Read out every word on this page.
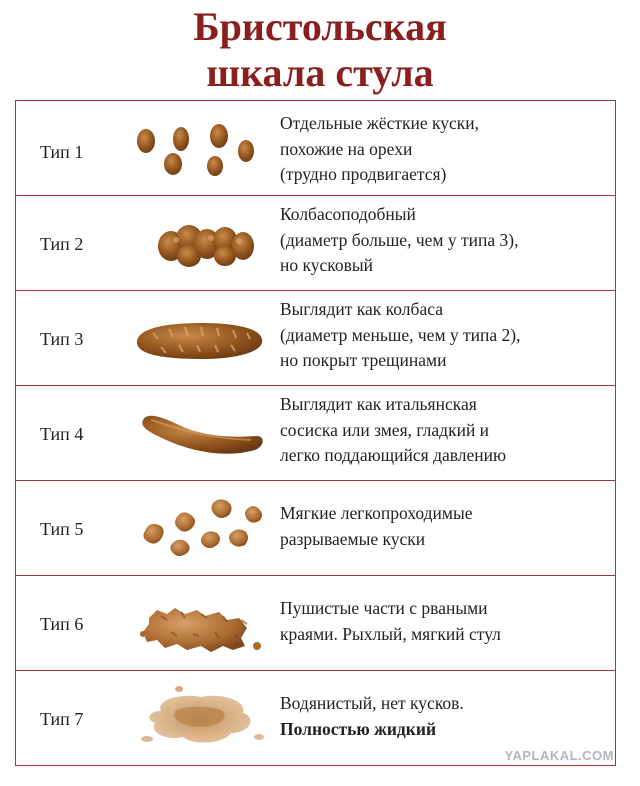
Бристольская
шкала стула
Тип 1
Отдельные жёсткие куски,
похожие на орехи
(трудно продвигается)
Тип 2
Колбасоподобный
(диаметр больше, чем у типа 3),
но кусковый
Тип 3
Выглядит как колбаса
(диаметр меньше, чем у типа 2),
но покрыт трещинами
Тип 4
Выглядит как итальянская
сосиска или змея, гладкий и
легко поддающийся давлению
Тип 5
Мягкие легкопроходимые
разрываемые куски
Тип 6
Пушистые части с рваными
краями. Рыхлый, мягкий стул
Тип 7
Водянистый, нет кусков.
Полностью жидкий
YAPLAKAL.COM
